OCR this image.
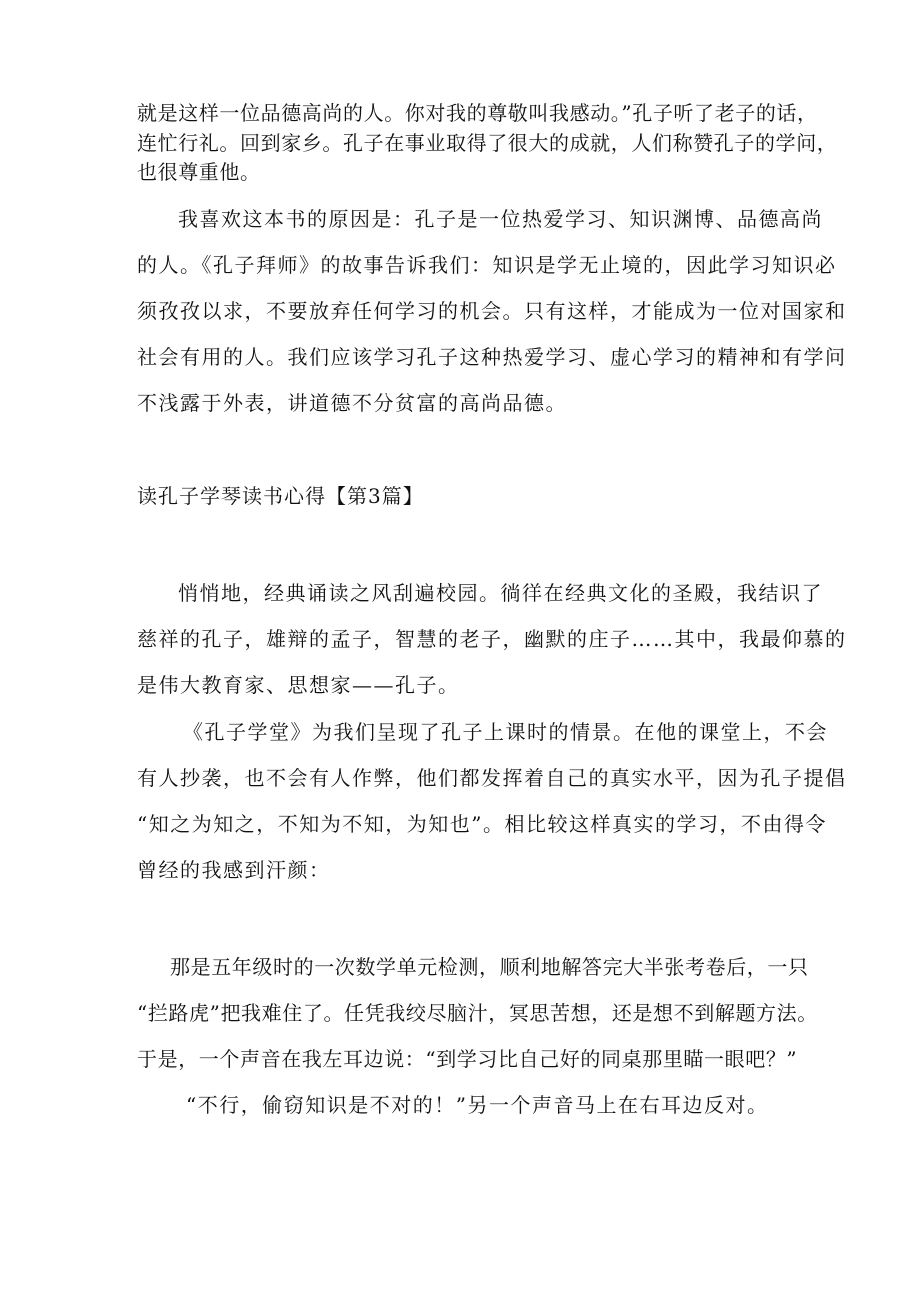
就是这样一位品德高尚的人。你对我的尊敬叫我感动。”孔子听了老子的话，
连忙行礼。回到家乡。孔子在事业取得了很大的成就，人们称赞孔子的学问，
也很尊重他。
我喜欢这本书的原因是：孔子是一位热爱学习、知识渊博、品德高尚
的人。《孔子拜师》的故事告诉我们：知识是学无止境的，因此学习知识必
须孜孜以求，不要放弃任何学习的机会。只有这样，才能成为一位对国家和
社会有用的人。我们应该学习孔子这种热爱学习、虚心学习的精神和有学问
不浅露于外表，讲道德不分贫富的高尚品德。
读孔子学琴读书心得【第3篇】
悄悄地，经典诵读之风刮遍校园。徜徉在经典文化的圣殿，我结识了
慈祥的孔子，雄辩的孟子，智慧的老子，幽默的庄子……其中，我最仰慕的
是伟大教育家、思想家——孔子。
《孔子学堂》为我们呈现了孔子上课时的情景。在他的课堂上，不会
有人抄袭，也不会有人作弊，他们都发挥着自己的真实水平，因为孔子提倡
“知之为知之，不知为不知，为知也”。相比较这样真实的学习，不由得令
曾经的我感到汗颜：
那是五年级时的一次数学单元检测，顺利地解答完大半张考卷后，一只
“拦路虎”把我难住了。任凭我绞尽脑汁，冥思苦想，还是想不到解题方法。
于是，一个声音在我左耳边说：“到学习比自己好的同桌那里瞄一眼吧？”
“不行，偷窃知识是不对的！”另一个声音马上在右耳边反对。
